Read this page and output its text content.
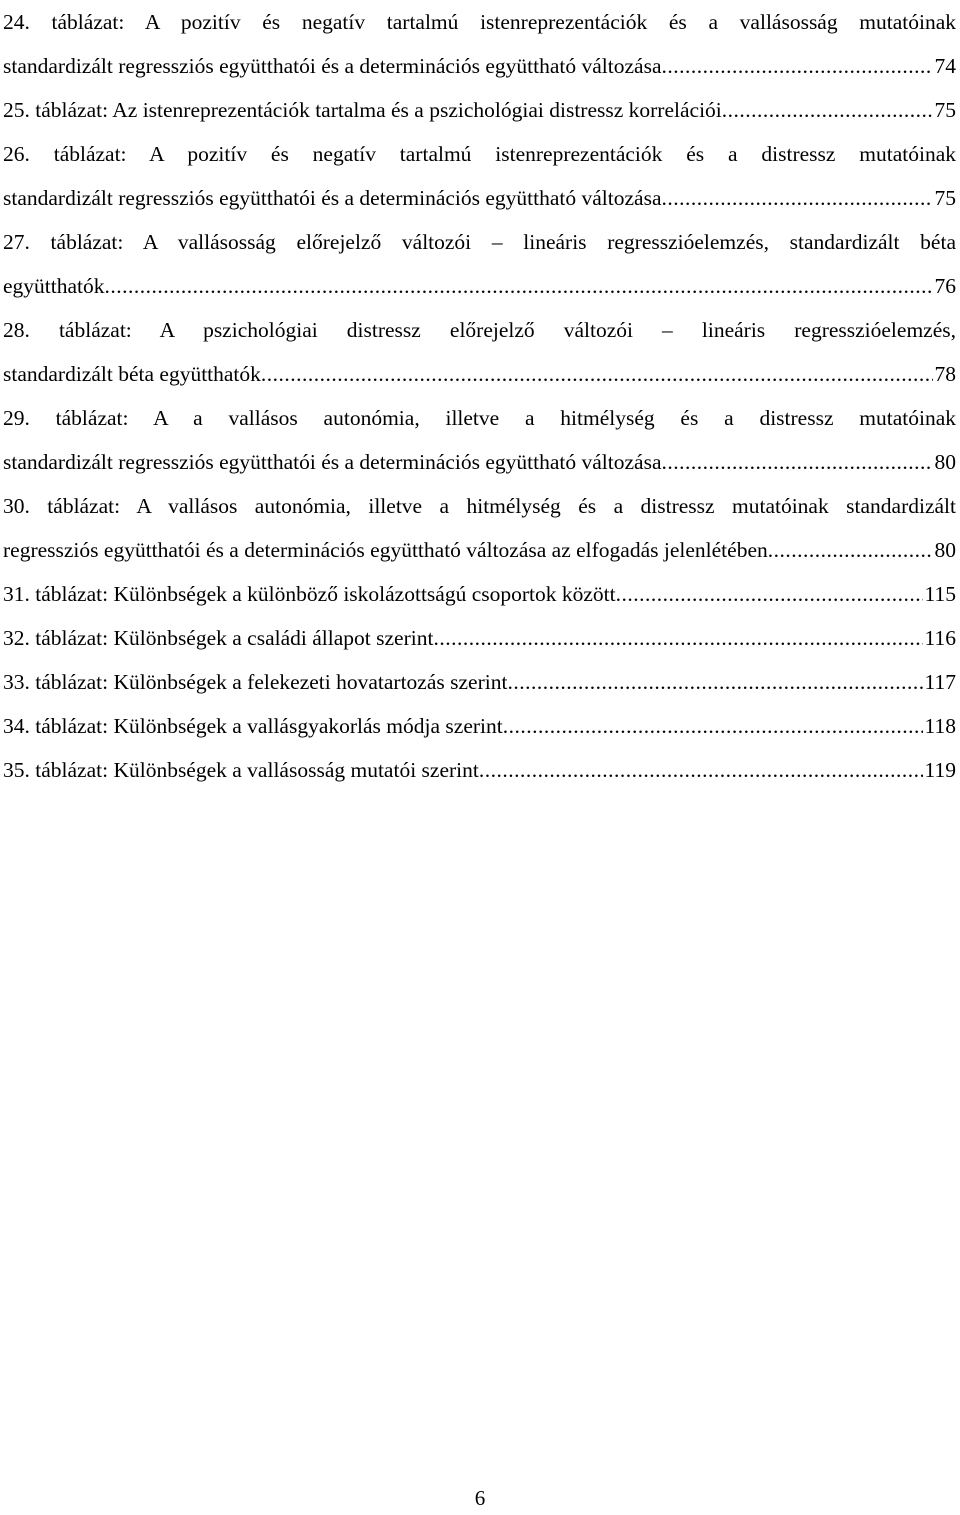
24. táblázat: A pozitív és negatív tartalmú istenreprezentációk és a vallásosság mutatóinak
standardizált regressziós együtthatói és a determinációs együttható változása .....	74
25. táblázat: Az istenreprezentációk tartalma és a pszichológiai distressz korrelációi .....	75
26. táblázat: A pozitív és negatív tartalmú istenreprezentációk és a distressz mutatóinak
standardizált regressziós együtthatói és a determinációs együttható változása .....	75
27. táblázat: A vallásosság előrejelző változói – lineáris regresszióelemzés, standardizált béta
együtthatók .....	76
28. táblázat: A pszichológiai distressz előrejelző változói – lineáris regresszióelemzés,
standardizált béta együtthatók .....	78
29. táblázat: A a vallásos autonómia, illetve a hitmélység és a distressz mutatóinak
standardizált regressziós együtthatói és a determinációs együttható változása .....	80
30. táblázat: A vallásos autonómia, illetve a hitmélység és a distressz mutatóinak standardizált
regressziós együtthatói és a determinációs együttható változása az elfogadás jelenlétében .....	80
31. táblázat: Különbségek a különböző iskolázottságú csoportok között .....	115
32. táblázat: Különbségek a családi állapot szerint .....	116
33. táblázat: Különbségek a felekezeti hovatartozás szerint .....	117
34. táblázat: Különbségek a vallásgyakorlás módja szerint .....	118
35. táblázat: Különbségek a vallásosság mutatói szerint .....	119
6
